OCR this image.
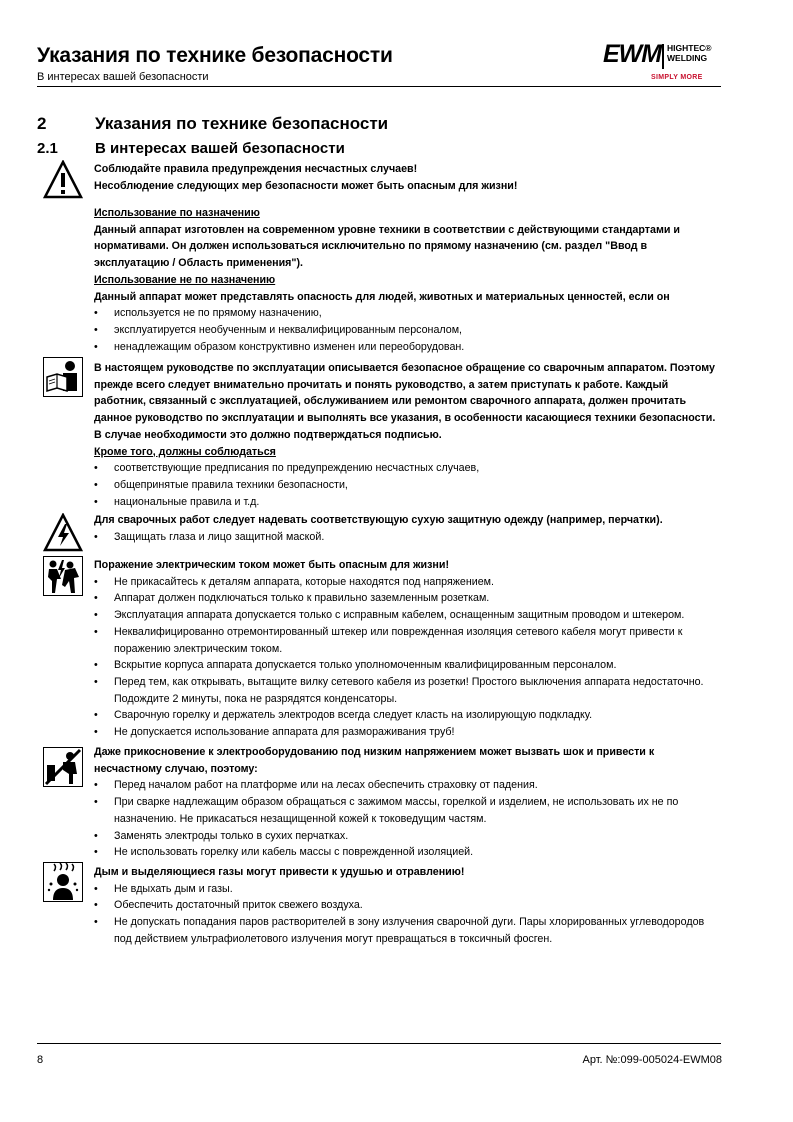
Указания по технике безопасности
В интересах вашей безопасности
EWM HIGHTEC®
WELDING
SIMPLY MORE
2	Указания по технике безопасности
2.1 В интересах вашей безопасности

Соблюдайте правила предупреждения несчастных случаев!

Несоблюдение следующих мер безопасности может быть опасным для жизни!

Использование по назначению

Данный аппарат изготовлен на современном уровне техники в соответствии с действующими стандартами и нормативами. Он должен использоваться исключительно по прямому назначению (см. раздел "Ввод в эксплуатацию / Область применения").

Использование не по назначению

Данный аппарат может представлять опасность для людей, животных и материальных ценностей, если он

• используется не по прямому назначению,

• эксплуатируется необученным и неквалифицированным персоналом,

• ненадлежащим образом конструктивно изменен или переоборудован.

В настоящем руководстве по эксплуатации описывается безопасное обращение со сварочным аппаратом. Поэтому прежде всего следует внимательно прочитать и понять руководство, а затем приступать к работе. Каждый работник, связанный с эксплуатацией, обслуживанием или ремонтом сварочного аппарата, должен прочитать данное руководство по эксплуатации и выполнять все указания, в особенности касающиеся техники безопасности. В случае необходимости это должно подтверждаться подписью.

Кроме того, должны соблюдаться

• соответствующие предписания по предупреждению несчастных случаев,

• общепринятые правила техники безопасности,

• национальные правила и т.д.

Для сварочных работ следует надевать соответствующую сухую защитную одежду (например, перчатки).

• Защищать глаза и лицо защитной маской.

Поражение электрическим током может быть опасным для жизни!

• Не прикасайтесь к деталям аппарата, которые находятся под напряжением.

• Аппарат должен подключаться только к правильно заземленным розеткам.

• Эксплуатация аппарата допускается только с исправным кабелем, оснащенным защитным проводом и штекером.

• Неквалифицированно отремонтированный штекер или поврежденная изоляция сетевого кабеля могут привести к поражению электрическим током.

• Вскрытие корпуса аппарата допускается только уполномоченным квалифицированным персоналом.

• Перед тем, как открывать, вытащите вилку сетевого кабеля из розетки! Простого выключения аппарата недостаточно. Подождите 2 минуты, пока не разрядятся конденсаторы.

• Сварочную горелку и держатель электродов всегда следует класть на изолирующую подкладку.

• Не допускается использование аппарата для размораживания труб!

Даже прикосновение к электрооборудованию под низким напряжением может вызвать шок и привести к несчастному случаю, поэтому:

• Перед началом работ на платформе или на лесах обеспечить страховку от падения.

• При сварке надлежащим образом обращаться с зажимом массы, горелкой и изделием, не использовать их не по назначению. Не прикасаться незащищенной кожей к токоведущим частям.

• Заменять электроды только в сухих перчатках.

• Не использовать горелку или кабель массы с поврежденной изоляцией.

Дым и выделяющиеся газы могут привести к удушью и отравлению!

• Не вдыхать дым и газы.

• Обеспечить достаточный приток свежего воздуха.

• Не допускать попадания паров растворителей в зону излучения сварочной дуги. Пары хлорированных углеводородов под действием ультрафиолетового излучения могут превращаться в токсичный фосген.

8	Арт. №:099-005024-EWM08
